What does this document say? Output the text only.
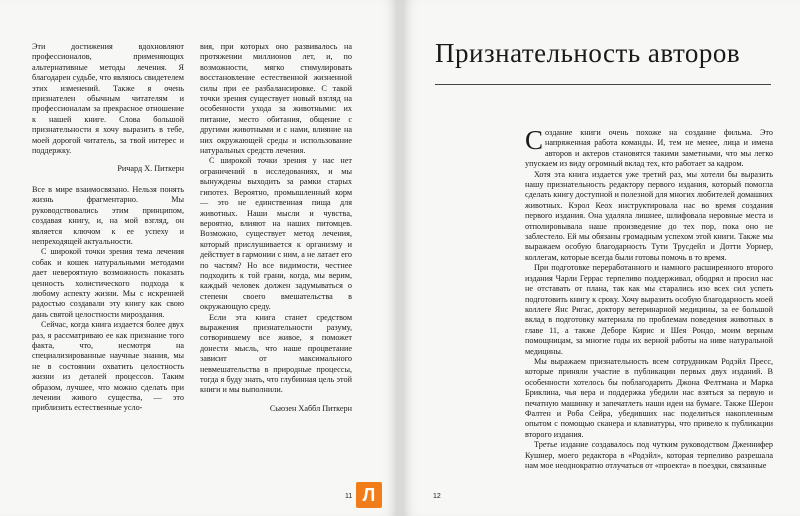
Эти достижения вдохновляют профессионалов, применяющих альтернативные методы лечения. Я благодарен судьбе, что являюсь свидетелем этих изменений. Также я очень признателен обычным читателям и профессионалам за прекрасное отношение к нашей книге. Слова большой признательности я хочу выразить в тебе, моей дорогой читатель, за твой интерес и поддержку.

Ричард Х. Питкерн

Все в мире взаимосвязано. Нельзя понять жизнь фрагментарно. Мы руководствовались этим принципом, создавая книгу, и, на мой взгляд, он является ключом к ее успеху и непреходящей актуальности.

С широкой точки зрения тема лечения собак и кошек натуральными методами дает невероятную возможность показать ценность холистического подхода к любому аспекту жизни. Мы с искренней радостью создавали эту книгу как свою дань святой целостности мироздания.

Сейчас, когда книга издается более двух раз, я рассматриваю ее как признание того факта, что, несмотря на специализированные научные знания, мы не в состоянии охватить целостность жизни из деталей процессов. Таким образом, лучшее, что можно сделать при лечении живого существа, — это приблизить естественные усло-

вия, при которых оно развивалось на протяжении миллионов лет, и, по возможности, мягко стимулировать восстановление естественной жизненной силы при ее разбалансировке. С такой точки зрения существует новый взгляд на особенности ухода за животными: их питание, место обитания, общение с другими животными и с нами, влияние на них окружающей среды и использование натуральных средств лечения.

С широкой точки зрения у нас нет ограничений в исследованиях, и мы вынуждены выходить за рамки старых гипотез. Вероятно, промышленный корм — это не единственная пища для животных. Наши мысли и чувства, вероятно, влияют на наших питомцев. Возможно, существует метод лечения, который прислушивается к организму и действует в гармонии с ним, а не латает его по частям? Но все видимости, честнее подходить к той грани, когда, мы верим, каждый человек должен задумываться о степени своего вмешательства в окружающую среду.

Если эта книга станет средством выражения признательности разуму, сотворившему все живое, я поможет донести мысль, что наше процветание зависит от максимального невмешательства в природные процессы, тогда я буду знать, что глубинная цель этой книги и мы выполнили.

Сьюзен Хаббл Питкерн

11
Признательность авторов

Создание книги очень похоже на создание фильма. Это напряженная работа команды. И, тем не менее, лица и имена авторов и актеров становятся такими заметными, что мы легко упускаем из виду огромный вклад тех, кто работает за кадром.

Хотя эта книга издается уже третий раз, мы хотели бы выразить нашу признательность редактору первого издания, который помогла сделать книгу доступной и полезной для многих любителей домашних животных. Кэрол Кеох инструктировала нас во время создания первого издания. Она удаляла лишнее, шлифовала неровные места и отполировывала наше произведение до тех пор, пока оно не заблестело. Ей мы обязаны громадным успехом этой книги. Также мы выражаем особую благодарность Тути Трусдейл и Дотти Уорнер, коллегам, которые всегда были готовы помочь в то время.

При подготовке переработанного и намного расширенного второго издания Чарли Геррас терпеливо поддерживал, ободрял и просил нас не отставать от плана, так как мы старались изо всех сил успеть подготовить книгу к сроку. Хочу выразить особую благодарность моей коллеге Янс Ригас, доктору ветеринарной медицины, за ее большой вклад в подготовку материала по проблемам поведения животных в главе 11, а также Деборе Кирис и Шея Рондо, моим верным помощницам, за многие годы их верной работы на ниве натуральной медицины.

Мы выражаем признательность всем сотрудникам Родэйл Пресс, которые приняли участие в публикации первых двух изданий. В особенности хотелось бы поблагодарить Джона Фелтмана и Марка Бриклина, чья вера и поддержка убедили нас взяться за первую и печатную машинку и запечатлеть наши идеи на бумаге. Также Шерон Фалтен и Роба Сейра, убедивших нас поделиться накопленным опытом с помощью сканера и клавиатуры, что привело к публикации второго издания.

Третье издание создавалось под чутким руководством Дженнифер Кушнер, моего редактора в «Родэйл», которая терпеливо разрешала нам мое неоднократно отлучаться от «проекта» в поездки, связанные

12
Л
